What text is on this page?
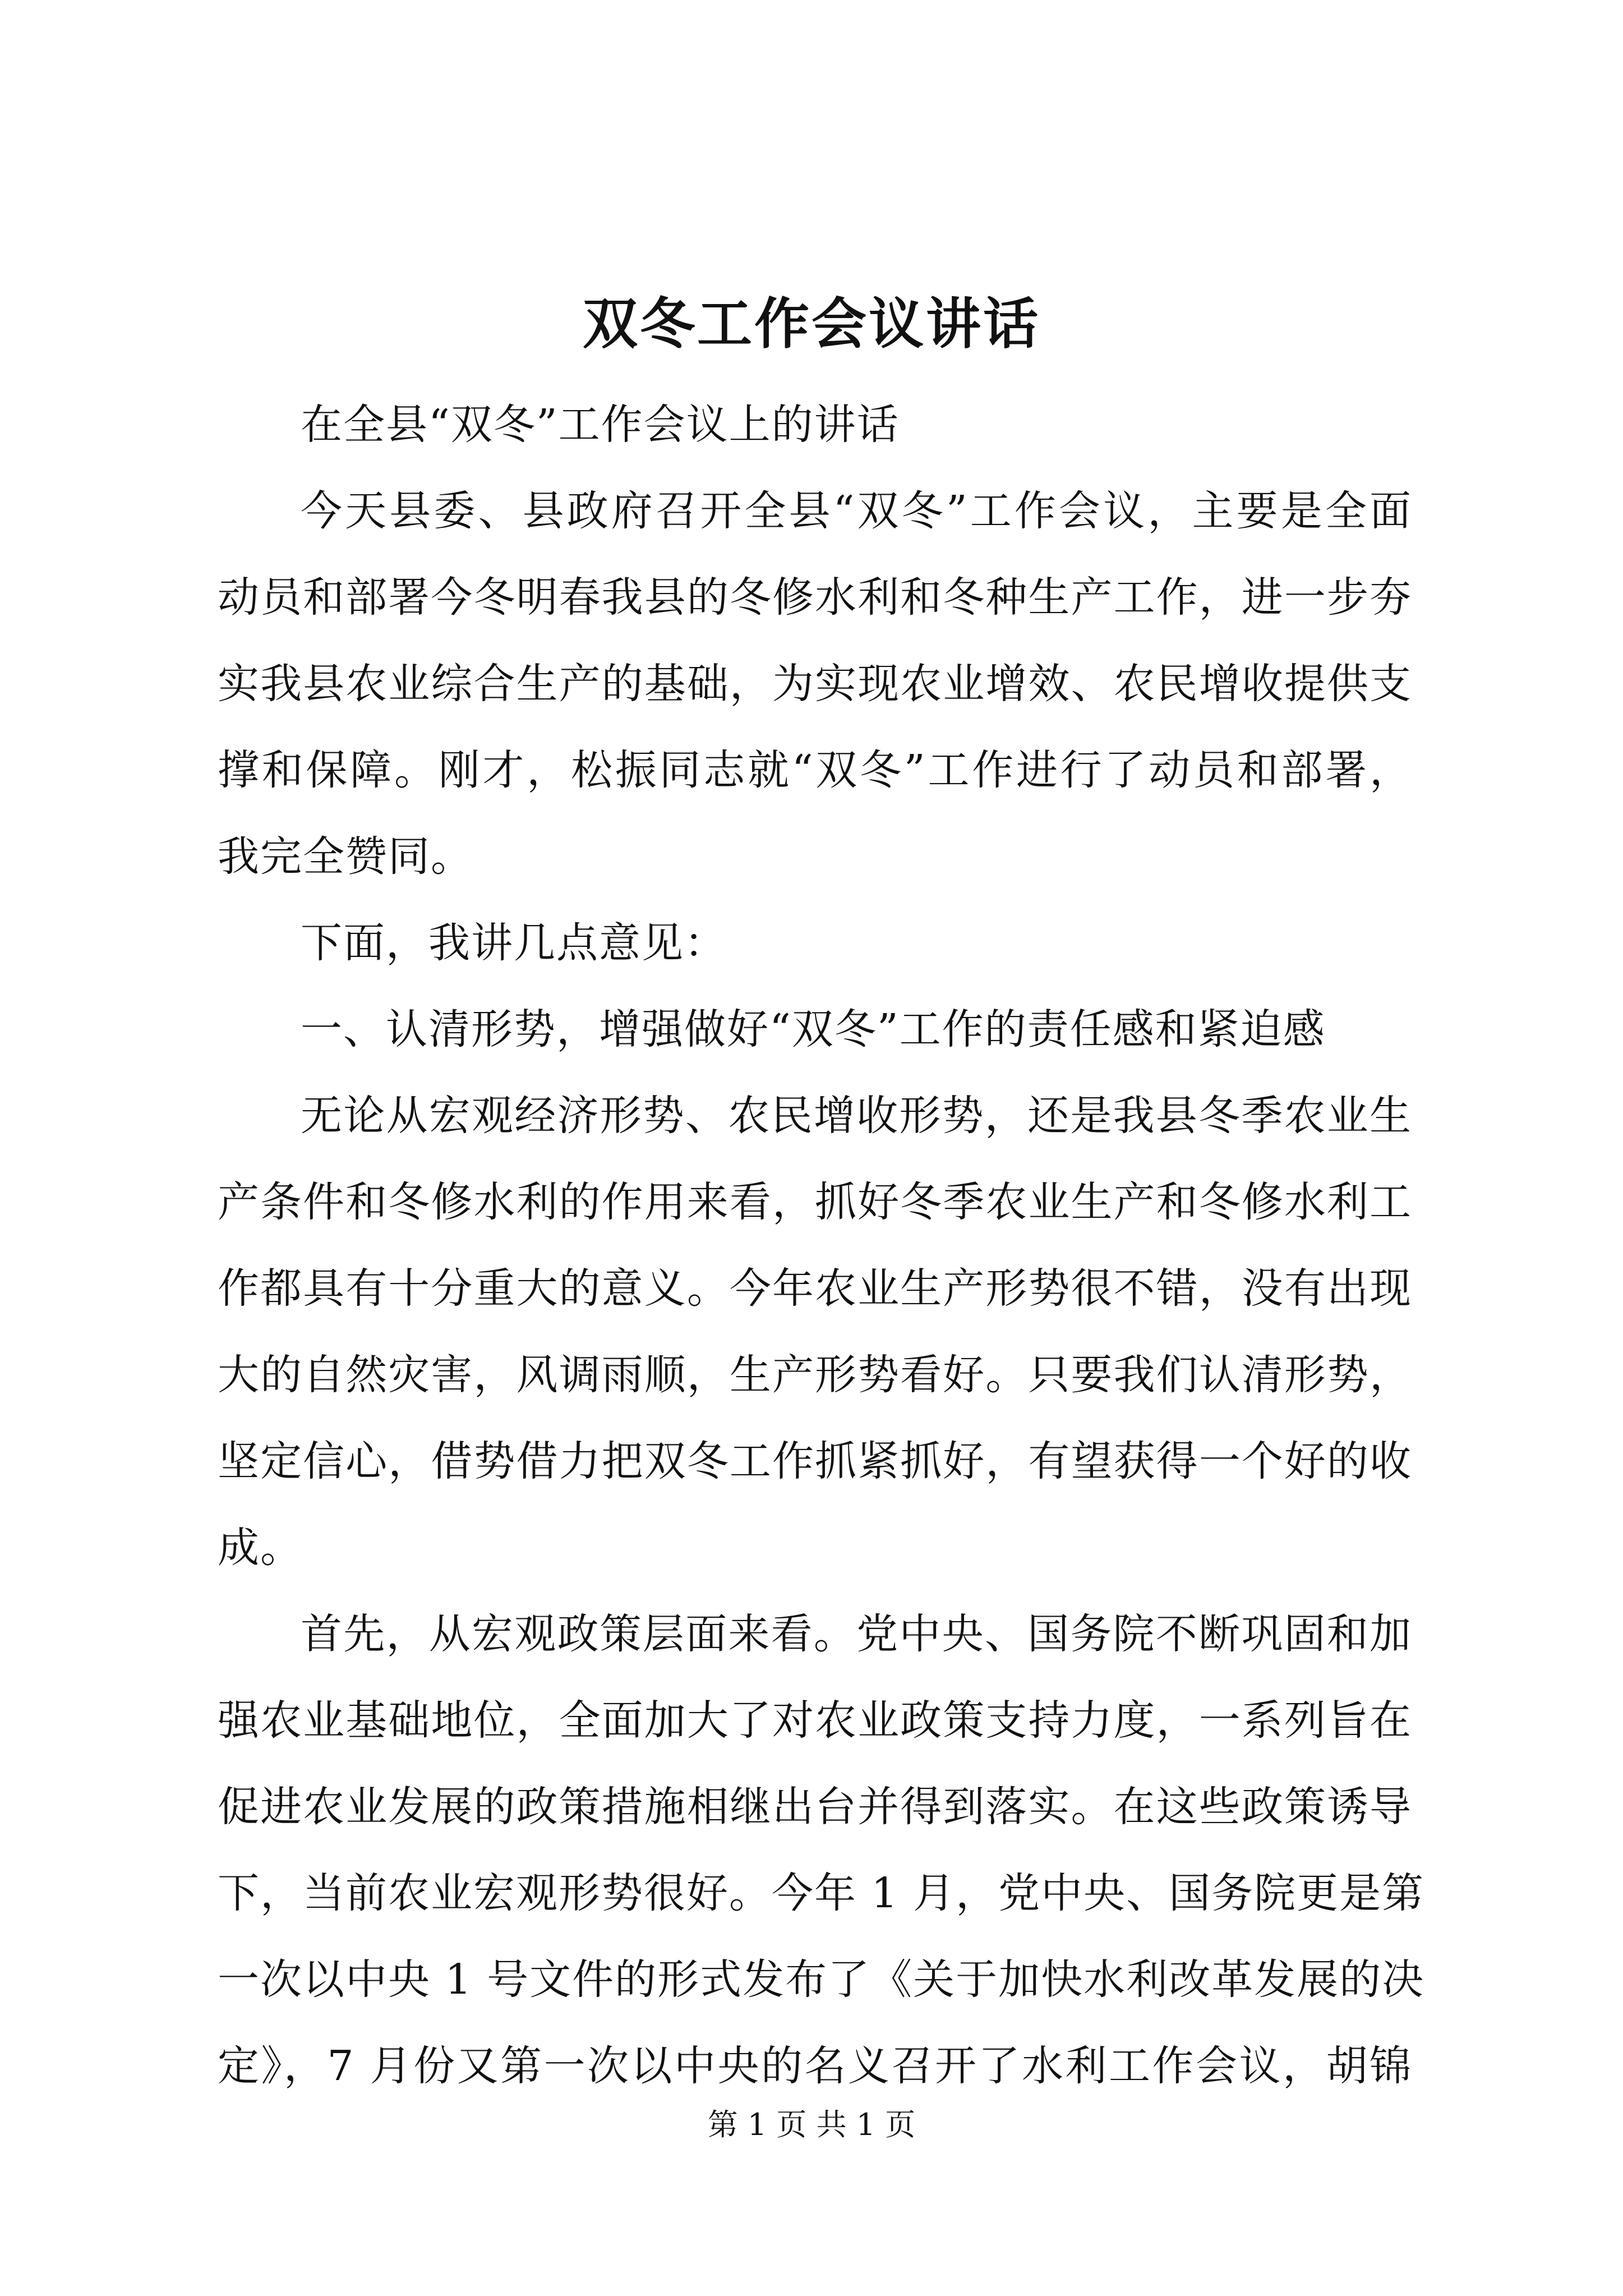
双冬工作会议讲话
在全县“双冬”工作会议上的讲话
今天县委、县政府召开全县“双冬”工作会议，主要是全面
动员和部署今冬明春我县的冬修水利和冬种生产工作，进一步夯
实我县农业综合生产的基础，为实现农业增效、农民增收提供支
撑和保障。刚才，松振同志就“双冬”工作进行了动员和部署，
我完全赞同。
下面，我讲几点意见：
一、认清形势，增强做好“双冬”工作的责任感和紧迫感
无论从宏观经济形势、农民增收形势，还是我县冬季农业生
产条件和冬修水利的作用来看，抓好冬季农业生产和冬修水利工
作都具有十分重大的意义。今年农业生产形势很不错，没有出现
大的自然灾害，风调雨顺，生产形势看好。只要我们认清形势，
坚定信心，借势借力把双冬工作抓紧抓好，有望获得一个好的收
成。
首先，从宏观政策层面来看。党中央、国务院不断巩固和加
强农业基础地位，全面加大了对农业政策支持力度，一系列旨在
促进农业发展的政策措施相继出台并得到落实。在这些政策诱导
下，当前农业宏观形势很好。今年 1 月，党中央、国务院更是第
一次以中央 1 号文件的形式发布了《关于加快水利改革发展的决
定》，7 月份又第一次以中央的名义召开了水利工作会议，胡锦
第 1 页 共 1 页
